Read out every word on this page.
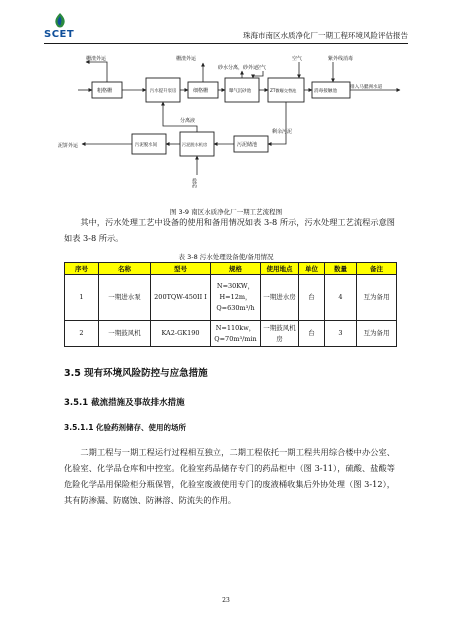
SCET	珠海市南区水质净化厂一期工程环境风险评估报告
栅渣外运	栅渣外运
砂水分离，砂外运
空气
空气	紫外线消毒
粗格栅	污水提升泵房	细格栅	曝气沉砂池	ZT微曝交替池	消毒接触池
排入马骝洲水道
污泥脱水间	污泥脱水机房	污泥储池
泥饼外运
分离液
剩余污泥
投药
图 3-9 南区水质净化厂一期工艺流程图
其中，污水处理工艺中设备的使用和备用情况如表 3-8 所示，污水处理工艺流程示意图如表 3-8 所示。
表 3-8 污水处理设备使/备用情况
序号	名称	型号	规格	使用地点	单位	数量	备注
1	一期进水泵	200TQW-450II I	N=30KW，H=12m，Q=630m³/h	一期进水房	台	4	互为备用
2	一期鼓风机	KA2-GK190	N=110kw，Q=70m³/min	一期鼓风机房	台	3	互为备用
3.5 现有环境风险防控与应急措施
3.5.1 截流措施及事故排水措施
3.5.1.1 化验药剂储存、使用的场所
二期工程与一期工程运行过程相互独立，二期工程依托一期工程共用综合楼中办公室、化验室、化学品仓库和中控室。化验室药品储存专门的药品柜中（图 3-11），硫酸、盐酸等危险化学品用保险柜分瓶保管，化验室废液使用专门的废液桶收集后外协处理（图 3-12），其有防渗漏、防腐蚀、防淋溶、防流失的作用。
23
